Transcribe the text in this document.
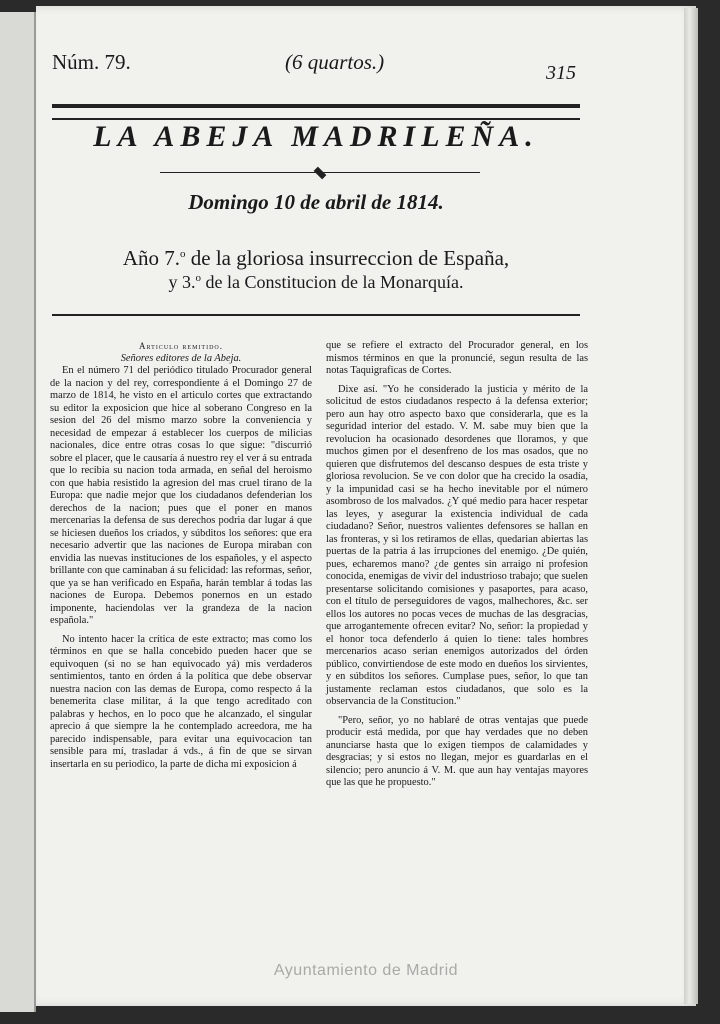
Núm. 79.	(6 quartos.)	315
LA ABEJA MADRILEÑA.
Domingo 10 de abril de 1814.
Año 7.$^o$ de la gloriosa insurreccion de España,
y 3.$^o$ de la Constitucion de la Monarquía.

Articulo remitido.

Señores editores de la Abeja.

En el número 71 del periódico titulado Procurador general de la nacion y del rey, correspondiente á el Domingo 27 de marzo de 1814, he visto en el articulo cortes que extractando su editor la exposicion que hice al soberano Congreso en la sesion del 26 del mismo marzo sobre la conveniencia y necesidad de empezar á establecer los cuerpos de milicias nacionales, dice entre otras cosas lo que sigue: "discurrió sobre el placer, que le causaría á nuestro rey el ver á su entrada que lo recibia su nacion toda armada, en señal del heroismo con que habia resistido la agresion del mas cruel tirano de la Europa: que nadie mejor que los ciudadanos defenderian los derechos de la nacion; pues que el poner en manos mercenarias la defensa de sus derechos podria dar lugar á que se hiciesen dueños los criados, y súbditos los señores: que era necesario advertir que las naciones de Europa miraban con envidia las nuevas instituciones de los españoles, y el aspecto brillante con que caminaban á su felicidad: las reformas, señor, que ya se han verificado en España, harán temblar á todas las naciones de Europa. Debemos ponernos en un estado imponente, haciendolas ver la grandeza de la nacion española."

No intento hacer la crítica de este extracto; mas como los términos en que se halla concebido pueden hacer que se equivoquen (si no se han equivocado yá) mis verdaderos sentimientos, tanto en órden á la política que debe observar nuestra nacion con las demas de Europa, como respecto á la benemerita clase militar, á la que tengo acreditado con palabras y hechos, en lo poco que he alcanzado, el singular aprecio á que siempre la he contemplado acreedora, me ha parecido indispensable, para evitar una equivocacion tan sensible para mí, trasladar á vds., á fin de que se sirvan insertarla en su periodico, la parte de dicha mi exposicion á

que se refiere el extracto del Procurador general, en los mismos términos en que la pronuncié, segun resulta de las notas Taquigraficas de Cortes.

Dixe así. "Yo he considerado la justicia y mérito de la solicitud de estos ciudadanos respecto á la defensa exterior; pero aun hay otro aspecto baxo que considerarla, que es la seguridad interior del estado. V. M. sabe muy bien que la revolucion ha ocasionado desordenes que lloramos, y que muchos gimen por el desenfreno de los mas osados, que no quieren que disfrutemos del descanso despues de esta triste y gloriosa revolucion. Se ve con dolor que ha crecido la osadía, y la impunidad casi se ha hecho inevitable por el número asombroso de los malvados. ¿Y qué medio para hacer respetar las leyes, y asegurar la existencia individual de cada ciudadano? Señor, nuestros valientes defensores se hallan en las fronteras, y si los retiramos de ellas, quedarian abiertas las puertas de la patria á las irrupciones del enemigo. ¿De quién, pues, echaremos mano? ¿de gentes sin arraigo ni profesion conocida, enemigas de vivir del industrioso trabajo; que suelen presentarse solicitando comisiones y pasaportes, para acaso, con el título de perseguidores de vagos, malhechores, &c. ser ellos los autores no pocas veces de muchas de las desgracias, que arrogantemente ofrecen evitar? No, señor: la propiedad y el honor toca defenderlo á quien lo tiene: tales hombres mercenarios acaso serian enemigos autorizados del órden público, convirtiendose de este modo en dueños los sirvientes, y en súbditos los señores. Cumplase pues, señor, lo que tan justamente reclaman estos ciudadanos, que solo es la observancia de la Constitucion."

"Pero, señor, yo no hablaré de otras ventajas que puede producir está medida, por que hay verdades que no deben anunciarse hasta que lo exigen tiempos de calamidades y desgracias; y si estos no llegan, mejor es guardarlas en el silencio; pero anuncio á V. M. que aun hay ventajas mayores que las que he propuesto."

Ayuntamiento de Madrid
